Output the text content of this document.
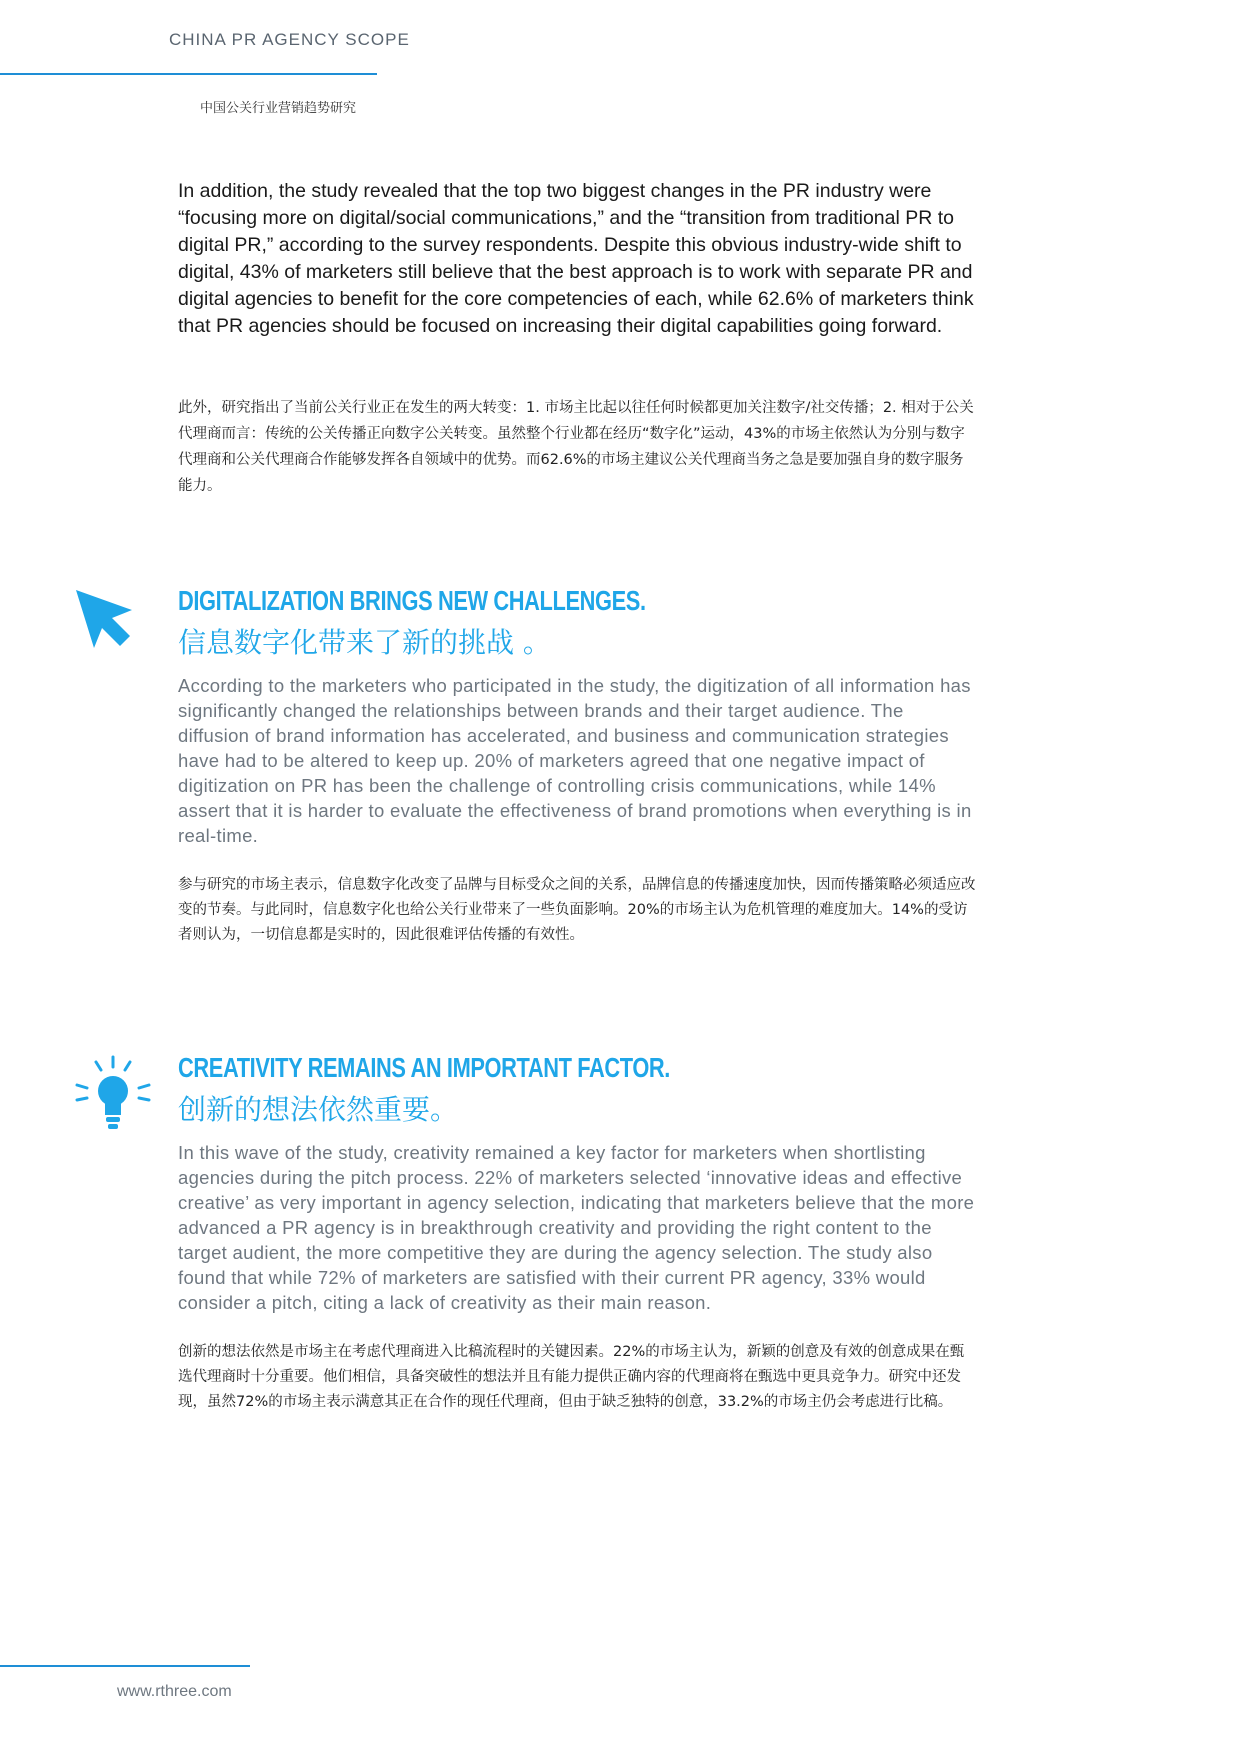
CHINA PR AGENCY SCOPE
中国公关行业营销趋势研究

In addition, the study revealed that the top two biggest changes in the PR industry were “focusing more on digital/social communications,” and the “transition from traditional PR to digital PR,” according to the survey respondents. Despite this obvious industry-wide shift to digital, 43% of marketers still believe that the best approach is to work with separate PR and digital agencies to benefit for the core competencies of each, while 62.6% of marketers think that PR agencies should be focused on increasing their digital capabilities going forward.

此外，研究指出了当前公关行业正在发生的两大转变：1. 市场主比起以往任何时候都更加关注数字/社交传播；2. 相对于公关代理商而言：传统的公关传播正向数字公关转变。虽然整个行业都在经历“数字化”运动，43%的市场主依然认为分别与数字代理商和公关代理商合作能够发挥各自领域中的优势。而62.6%的市场主建议公关代理商当务之急是要加强自身的数字服务能力。

DIGITALIZATION BRINGS NEW CHALLENGES.
信息数字化带来了新的挑战 。

According to the marketers who participated in the study, the digitization of all information has significantly changed the relationships between brands and their target audience. The diffusion of brand information has accelerated, and business and communication strategies have had to be altered to keep up. 20% of marketers agreed that one negative impact of digitization on PR has been the challenge of controlling crisis communications, while 14% assert that it is harder to evaluate the effectiveness of brand promotions when everything is in real-time.

参与研究的市场主表示，信息数字化改变了品牌与目标受众之间的关系，品牌信息的传播速度加快，因而传播策略必须适应改变的节奏。与此同时，信息数字化也给公关行业带来了一些负面影响。20%的市场主认为危机管理的难度加大。14%的受访者则认为，一切信息都是实时的，因此很难评估传播的有效性。

CREATIVITY REMAINS AN IMPORTANT FACTOR.
创新的想法依然重要。

In this wave of the study, creativity remained a key factor for marketers when shortlisting agencies during the pitch process. 22% of marketers selected ‘innovative ideas and effective creative’ as very important in agency selection, indicating that marketers believe that the more advanced a PR agency is in breakthrough creativity and providing the right content to the target audient, the more competitive they are during the agency selection. The study also found that while 72% of marketers are satisfied with their current PR agency, 33% would consider a pitch, citing a lack of creativity as their main reason.

创新的想法依然是市场主在考虑代理商进入比稿流程时的关键因素。22%的市场主认为，新颖的创意及有效的创意成果在甄选代理商时十分重要。他们相信，具备突破性的想法并且有能力提供正确内容的代理商将在甄选中更具竞争力。研究中还发现，虽然72%的市场主表示满意其正在合作的现任代理商，但由于缺乏独特的创意，33.2%的市场主仍会考虑进行比稿。

www.rthree.com
